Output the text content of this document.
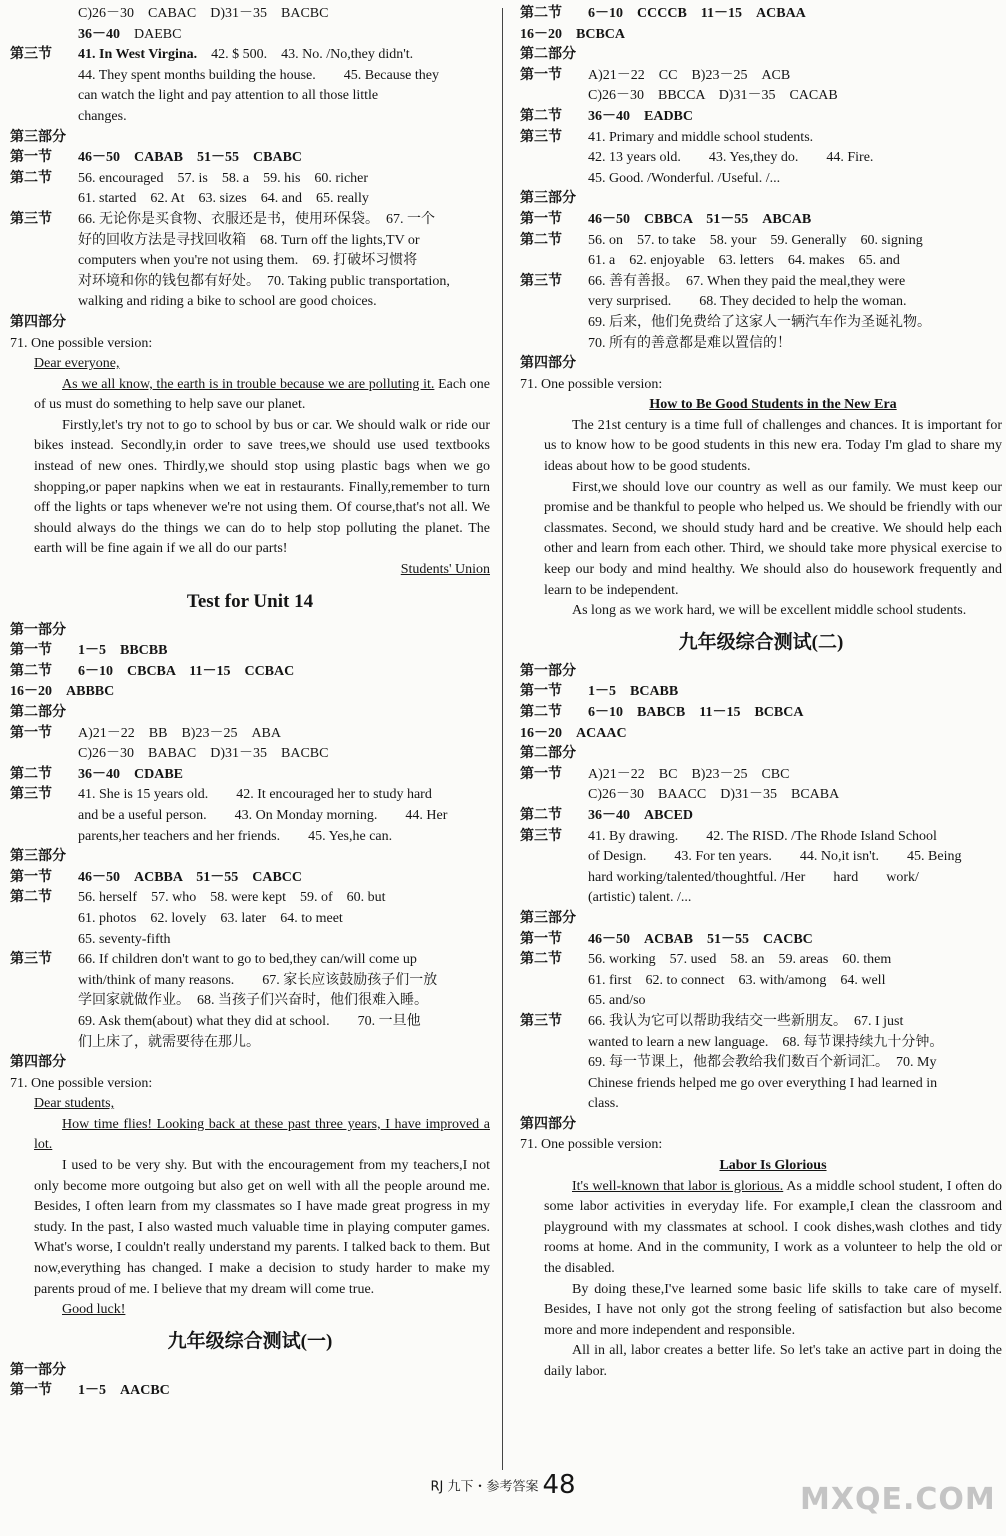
C)26－30　CABAC　D)31－35　BACBC
36－40　 DAEBC
第三节 41. In West Virgina.　 42. $ 500.　 43. No. /No,they didn't.
44. They spent months building the house.　　45. Because they
can watch the light and pay attention to all those little
changes.
第三部分
第一节 46－50　CABAB　51－55　CBABC
第二节 56. encouraged　57. is　58. a　59. his　60. richer
61. started　62. At　63. sizes　64. and　65. really
第三节 66. 无论你是买食物、衣服还是书，使用环保袋。　67. 一个
好的回收方法是寻找回收箱　68. Turn off the lights,TV or
computers when you're not using them.　69. 打破坏习惯将
对环境和你的钱包都有好处。　70. Taking public transportation,
walking and riding a bike to school are good choices.
第四部分
71. One possible version:
Dear everyone,

As we all know, the earth is in trouble because we are polluting it. Each one of us must do something to help save our planet.

Firstly,let's try not to go to school by bus or car. We should walk or ride our bikes instead. Secondly,in order to save trees,we should use used textbooks instead of new ones. Thirdly,we should stop using plastic bags when we go shopping,or paper napkins when we eat in restaurants. Finally,remember to turn off the lights or taps whenever we're not using them. Of course,that's not all. We should always do the things we can do to help stop polluting the planet. The earth will be fine again if we all do our parts!

Students' Union
Test for Unit 14
第一部分
第一节 1－5　BBCBB
第二节 6－10　CBCBA　11－15　CCBAC
16－20　ABBBC
第二部分
第一节 A)21－22　BB　B)23－25　ABA
C)26－30　BABAC　D)31－35　BACBC
第二节 36－40　CDABE
第三节 41. She is 15 years old.　　42. It encouraged her to study hard
and be a useful person.　　43. On Monday morning.　　44. Her
parents,her teachers and her friends.　　45. Yes,he can.
第三部分
第一节 46－50　ACBBA　51－55　CABCC
第二节 56. herself　57. who　58. were kept　59. of　60. but
61. photos　62. lovely　63. later　64. to meet
65. seventy-fifth
第三节 66. If children don't want to go to bed,they can/will come up
with/think of many reasons.　　67. 家长应该鼓励孩子们一放
学回家就做作业。　68. 当孩子们兴奋时，他们很难入睡。
69. Ask them(about) what they did at school.　　70. 一旦他
们上床了，就需要待在那儿。
第四部分
71. One possible version:
Dear students,

How time flies! Looking back at these past three years, I have improved a lot.

I used to be very shy. But with the encouragement from my teachers,I not only become more outgoing but also get on well with all the people around me. Besides, I often learn from my classmates so I have made great progress in my study. In the past, I also wasted much valuable time in playing computer games. What's worse, I couldn't really understand my parents. I talked back to them. But now,everything has changed. I make a decision to study harder to make my parents proud of me. I believe that my dream will come true.

Good luck!
九年级综合测试(一)
第一部分
第一节 1－5　AACBC
第二节 6－10　CCCCB　11－15　ACBAA
16－20　BCBCA
第二部分
第一节 A)21－22　CC　B)23－25　ACB
C)26－30　BBCCA　D)31－35　CACAB
第二节 36－40　EADBC
第三节 41. Primary and middle school students.
42. 13 years old.　　43. Yes,they do.　　44. Fire.
45. Good. /Wonderful. /Useful. /...
第三部分
第一节 46－50　CBBCA　51－55　ABCAB
第二节 56. on　57. to take　58. your　59. Generally　60. signing
61. a　62. enjoyable　63. letters　64. makes　65. and
第三节 66. 善有善报。　67. When they paid the meal,they were
very surprised.　　68. They decided to help the woman.
69. 后来，他们免费给了这家人一辆汽车作为圣诞礼物。
70. 所有的善意都是难以置信的！
第四部分
71. One possible version:
How to Be Good Students in the New Era

The 21st century is a time full of challenges and chances. It is important for us to know how to be good students in this new era. Today I'm glad to share my ideas about how to be good students.

First,we should love our country as well as our family. We must keep our promise and be thankful to people who helped us. We should be friendly with our classmates. Second, we should study hard and be creative. We should help each other and learn from each other. Third, we should take more physical exercise to keep our body and mind healthy. We should also do housework frequently and learn to be independent.

As long as we work hard, we will be excellent middle school students.

九年级综合测试(二)
第一部分
第一节 1－5　BCABB
第二节 6－10　BABCB　11－15　BCBCA
16－20　ACAAC
第二部分
第一节 A)21－22　BC　B)23－25　CBC
C)26－30　BAACC　D)31－35　BCABA
第二节 36－40　ABCED
第三节 41. By drawing.　　42. The RISD. /The Rhode Island School
of Design.　　43. For ten years.　　44. No,it isn't.　　45. Being
hard working/talented/thoughtful. /Her　　hard　　work/
(artistic) talent. /...
第三部分
第一节 46－50　ACBAB　51－55　CACBC
第二节 56. working　57. used　58. an　59. areas　60. them
61. first　62. to connect　63. with/among　64. well
65. and/so
第三节 66. 我认为它可以帮助我结交一些新朋友。　67. I just
wanted to learn a new language.　68. 每节课持续九十分钟。
69. 每一节课上，他都会教给我们数百个新词汇。　70. My
Chinese friends helped me go over everything I had learned in
class.
第四部分
71. One possible version:
Labor Is Glorious

It's well-known that labor is glorious. As a middle school student, I often do some labor activities in everyday life. For example,I clean the classroom and playground with my classmates at school. I cook dishes,wash clothes and tidy rooms at home. And in the community, I work as a volunteer to help the old or the disabled.

By doing these,I've learned some basic life skills to take care of myself. Besides, I have not only got the strong feeling of satisfaction but also become more and more independent and responsible.

All in all, labor creates a better life. So let's take an active part in doing the daily labor.

RJ 九下・参考答案 48	MXQE.COM
